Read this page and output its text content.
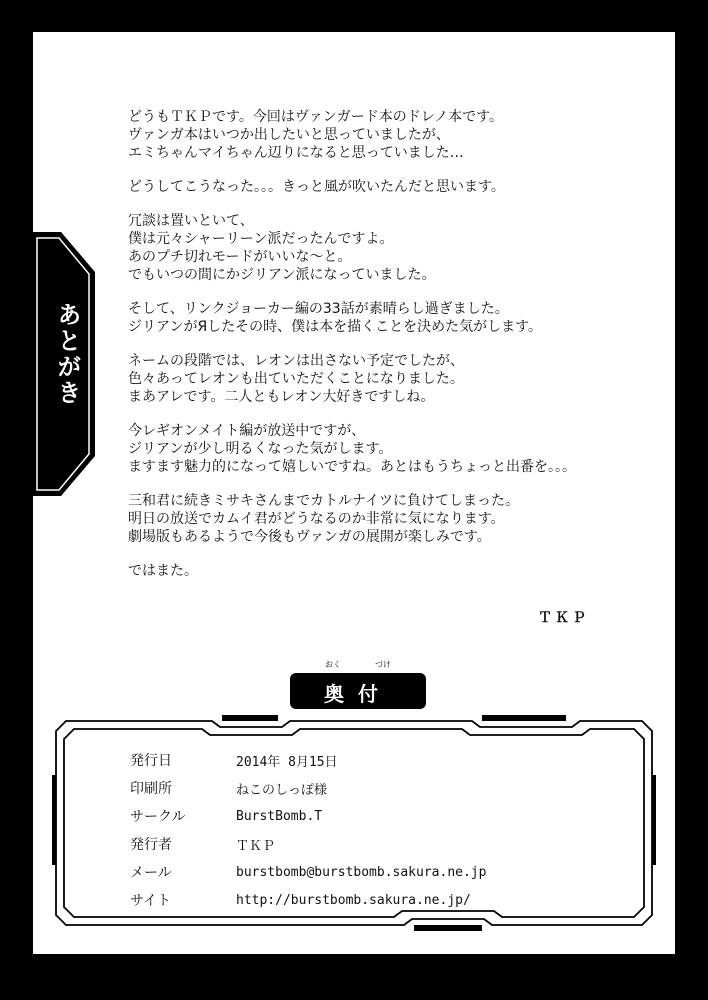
あとがき
どうもＴＫＰです。今回はヴァンガード本のドレノ本です。
ヴァンガ本はいつか出したいと思っていましたが、
エミちゃんマイちゃん辺りになると思っていました…
どうしてこうなった。。。きっと風が吹いたんだと思います。
冗談は置いといて、
僕は元々シャーリーン派だったんですよ。
あのプチ切れモードがいいな～と。
でもいつの間にかジリアン派になっていました。
そして、リンクジョーカー編の33話が素晴らし過ぎました。
ジリアンがЯしたその時、僕は本を描くことを決めた気がします。
ネームの段階では、レオンは出さない予定でしたが、
色々あってレオンも出ていただくことになりました。
まあアレです。二人ともレオン大好きですしね。
今レギオンメイト編が放送中ですが、
ジリアンが少し明るくなった気がします。
ますます魅力的になって嬉しいですね。あとはもうちょっと出番を。。。
三和君に続きミサキさんまでカトルナイツに負けてしまった。
明日の放送でカムイ君がどうなるのか非常に気になります。
劇場版もあるようで今後もヴァンガの展開が楽しみです。
ではまた。
ＴＫＰ
おく	づけ
奥付
発行日	2014年 8月15日
印刷所	ねこのしっぽ様
サークル	BurstBomb.T
発行者	ＴＫＰ
メール	burstbomb@burstbomb.sakura.ne.jp
サイト	http://burstbomb.sakura.ne.jp/
